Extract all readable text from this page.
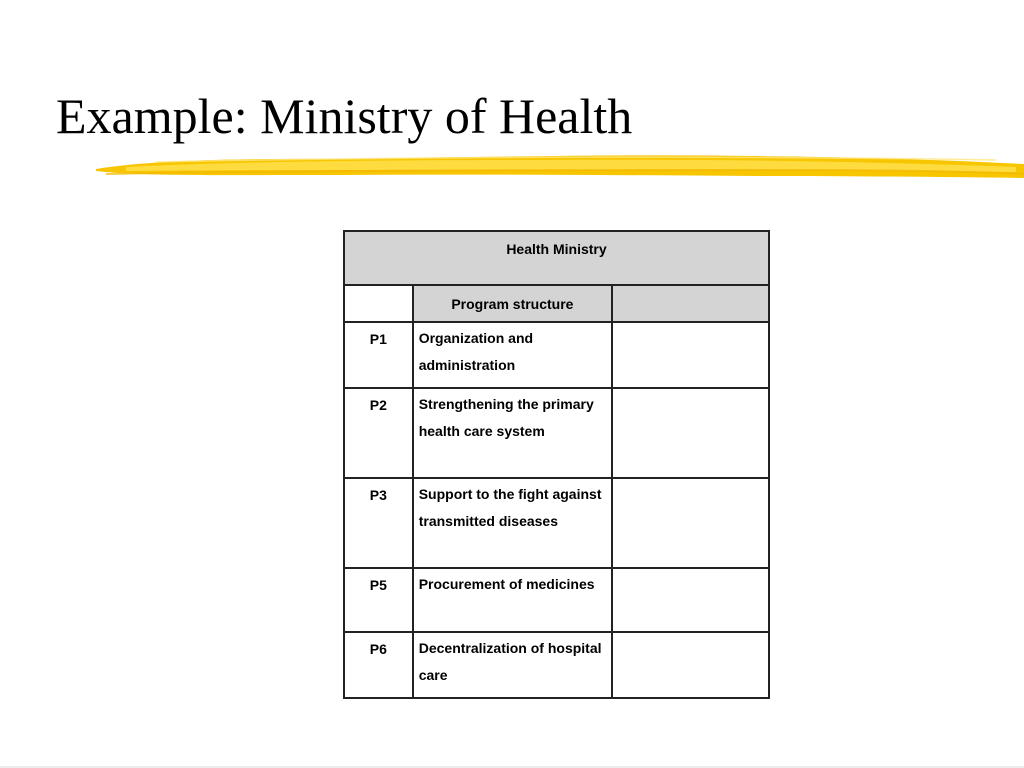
Example: Ministry of Health
Health Ministry		
	Program structure	
P1	Organization and administration	

P2	Strengthening the primary health care system	

P3	Support to the fight against transmitted diseases	

P5	Procurement of medicines	

P6	Decentralization of hospital care	
